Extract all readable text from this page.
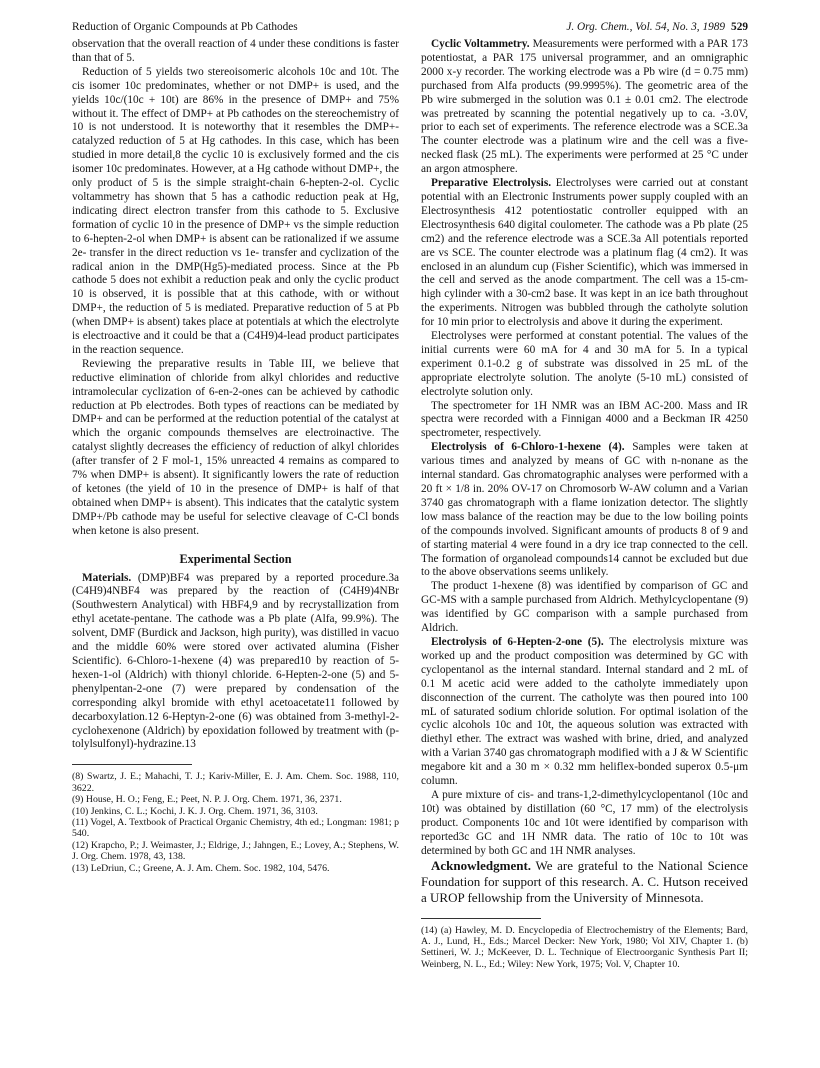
Reduction of Organic Compounds at Pb Cathodes	J. Org. Chem., Vol. 54, No. 3, 1989 529

observation that the overall reaction of 4 under these conditions is faster than that of 5.

Reduction of 5 yields two stereoisomeric alcohols 10c and 10t. The cis isomer 10c predominates, whether or not DMP+ is used, and the yields 10c/(10c + 10t) are 86% in the presence of DMP+ and 75% without it. The effect of DMP+ at Pb cathodes on the stereochemistry of 10 is not understood. It is noteworthy that it resembles the DMP+-catalyzed reduction of 5 at Hg cathodes. In this case, which has been studied in more detail,8 the cyclic 10 is exclusively formed and the cis isomer 10c predominates. However, at a Hg cathode without DMP+, the only product of 5 is the simple straight-chain 6-hepten-2-ol. Cyclic voltammetry has shown that 5 has a cathodic reduction peak at Hg, indicating direct electron transfer from this cathode to 5. Exclusive formation of cyclic 10 in the presence of DMP+ vs the simple reduction to 6-hepten-2-ol when DMP+ is absent can be rationalized if we assume 2e- transfer in the direct reduction vs 1e- transfer and cyclization of the radical anion in the DMP(Hg5)-mediated process. Since at the Pb cathode 5 does not exhibit a reduction peak and only the cyclic product 10 is observed, it is possible that at this cathode, with or without DMP+, the reduction of 5 is mediated. Preparative reduction of 5 at Pb (when DMP+ is absent) takes place at potentials at which the electrolyte is electroactive and it could be that a (C4H9)4-lead product participates in the reaction sequence.

Reviewing the preparative results in Table III, we believe that reductive elimination of chloride from alkyl chlorides and reductive intramolecular cyclization of 6-en-2-ones can be achieved by cathodic reduction at Pb electrodes. Both types of reactions can be mediated by DMP+ and can be performed at the reduction potential of the catalyst at which the organic compounds themselves are electroinactive. The catalyst slightly decreases the efficiency of reduction of alkyl chlorides (after transfer of 2 F mol-1, 15% unreacted 4 remains as compared to 7% when DMP+ is absent). It significantly lowers the rate of reduction of ketones (the yield of 10 in the presence of DMP+ is half of that obtained when DMP+ is absent). This indicates that the catalytic system DMP+/Pb cathode may be useful for selective cleavage of C-Cl bonds when ketone is also present.

Experimental Section

Materials. (DMP)BF4 was prepared by a reported procedure.3a (C4H9)4NBF4 was prepared by the reaction of (C4H9)4NBr (Southwestern Analytical) with HBF4,9 and by recrystallization from ethyl acetate-pentane. The cathode was a Pb plate (Alfa, 99.9%). The solvent, DMF (Burdick and Jackson, high purity), was distilled in vacuo and the middle 60% were stored over activated alumina (Fisher Scientific). 6-Chloro-1-hexene (4) was prepared10 by reaction of 5-hexen-1-ol (Aldrich) with thionyl chloride. 6-Hepten-2-one (5) and 5-phenylpentan-2-one (7) were prepared by condensation of the corresponding alkyl bromide with ethyl acetoacetate11 followed by decarboxylation.12 6-Heptyn-2-one (6) was obtained from 3-methyl-2-cyclohexenone (Aldrich) by epoxidation followed by treatment with (p-tolylsulfonyl)-hydrazine.13

(8) Swartz, J. E.; Mahachi, T. J.; Kariv-Miller, E. J. Am. Chem. Soc. 1988, 110, 3622.

(9) House, H. O.; Feng, E.; Peet, N. P. J. Org. Chem. 1971, 36, 2371.

(10) Jenkins, C. L.; Kochi, J. K. J. Org. Chem. 1971, 36, 3103.

(11) Vogel, A. Textbook of Practical Organic Chemistry, 4th ed.; Longman: 1981; p 540.

(12) Krapcho, P.; J. Weimaster, J.; Eldrige, J.; Jahngen, E.; Lovey, A.; Stephens, W. J. Org. Chem. 1978, 43, 138.

(13) LeDriun, C.; Greene, A. J. Am. Chem. Soc. 1982, 104, 5476.

Cyclic Voltammetry. Measurements were performed with a PAR 173 potentiostat, a PAR 175 universal programmer, and an omnigraphic 2000 x-y recorder. The working electrode was a Pb wire (d = 0.75 mm) purchased from Alfa products (99.9995%). The geometric area of the Pb wire submerged in the solution was 0.1 ± 0.01 cm2. The electrode was pretreated by scanning the potential negatively up to ca. -3.0V, prior to each set of experiments. The reference electrode was a SCE.3a The counter electrode was a platinum wire and the cell was a five-necked flask (25 mL). The experiments were performed at 25 °C under an argon atmosphere.

Preparative Electrolysis. Electrolyses were carried out at constant potential with an Electronic Instruments power supply coupled with an Electrosynthesis 412 potentiostatic controller equipped with an Electrosynthesis 640 digital coulometer. The cathode was a Pb plate (25 cm2) and the reference electrode was a SCE.3a All potentials reported are vs SCE. The counter electrode was a platinum flag (4 cm2). It was enclosed in an alundum cup (Fisher Scientific), which was immersed in the cell and served as the anode compartment. The cell was a 15-cm-high cylinder with a 30-cm2 base. It was kept in an ice bath throughout the experiments. Nitrogen was bubbled through the catholyte solution for 10 min prior to electrolysis and above it during the experiment.

Electrolyses were performed at constant potential. The values of the initial currents were 60 mA for 4 and 30 mA for 5. In a typical experiment 0.1-0.2 g of substrate was dissolved in 25 mL of the appropriate electrolyte solution. The anolyte (5-10 mL) consisted of electrolyte solution only.

The spectrometer for 1H NMR was an IBM AC-200. Mass and IR spectra were recorded with a Finnigan 4000 and a Beckman IR 4250 spectrometer, respectively.

Electrolysis of 6-Chloro-1-hexene (4). Samples were taken at various times and analyzed by means of GC with n-nonane as the internal standard. Gas chromatographic analyses were performed with a 20 ft × 1/8 in. 20% OV-17 on Chromosorb W-AW column and a Varian 3740 gas chromatograph with a flame ionization detector. The slightly low mass balance of the reaction may be due to the low boiling points of the compounds involved. Significant amounts of products 8 of 9 and of starting material 4 were found in a dry ice trap connected to the cell. The formation of organolead compounds14 cannot be excluded but due to the above observations seems unlikely.

The product 1-hexene (8) was identified by comparison of GC and GC-MS with a sample purchased from Aldrich. Methylcyclopentane (9) was identified by GC comparison with a sample purchased from Aldrich.

Electrolysis of 6-Hepten-2-one (5). The electrolysis mixture was worked up and the product composition was determined by GC with cyclopentanol as the internal standard. Internal standard and 2 mL of 0.1 M acetic acid were added to the catholyte immediately upon disconnection of the current. The catholyte was then poured into 100 mL of saturated sodium chloride solution. For optimal isolation of the cyclic alcohols 10c and 10t, the aqueous solution was extracted with diethyl ether. The extract was washed with brine, dried, and analyzed with a Varian 3740 gas chromatograph modified with a J & W Scientific megabore kit and a 30 m × 0.32 mm heliflex-bonded superox 0.5-μm column.

A pure mixture of cis- and trans-1,2-dimethylcyclopentanol (10c and 10t) was obtained by distillation (60 °C, 17 mm) of the electrolysis product. Components 10c and 10t were identified by comparison with reported3c GC and 1H NMR data. The ratio of 10c to 10t was determined by both GC and 1H NMR analyses.

Acknowledgment. We are grateful to the National Science Foundation for support of this research. A. C. Hutson received a UROP fellowship from the University of Minnesota.

(14) (a) Hawley, M. D. Encyclopedia of Electrochemistry of the Elements; Bard, A. J., Lund, H., Eds.; Marcel Decker: New York, 1980; Vol XIV, Chapter 1. (b) Settineri, W. J.; McKeever, D. L. Technique of Electroorganic Synthesis Part II; Weinberg, N. L., Ed.; Wiley: New York, 1975; Vol. V, Chapter 10.
